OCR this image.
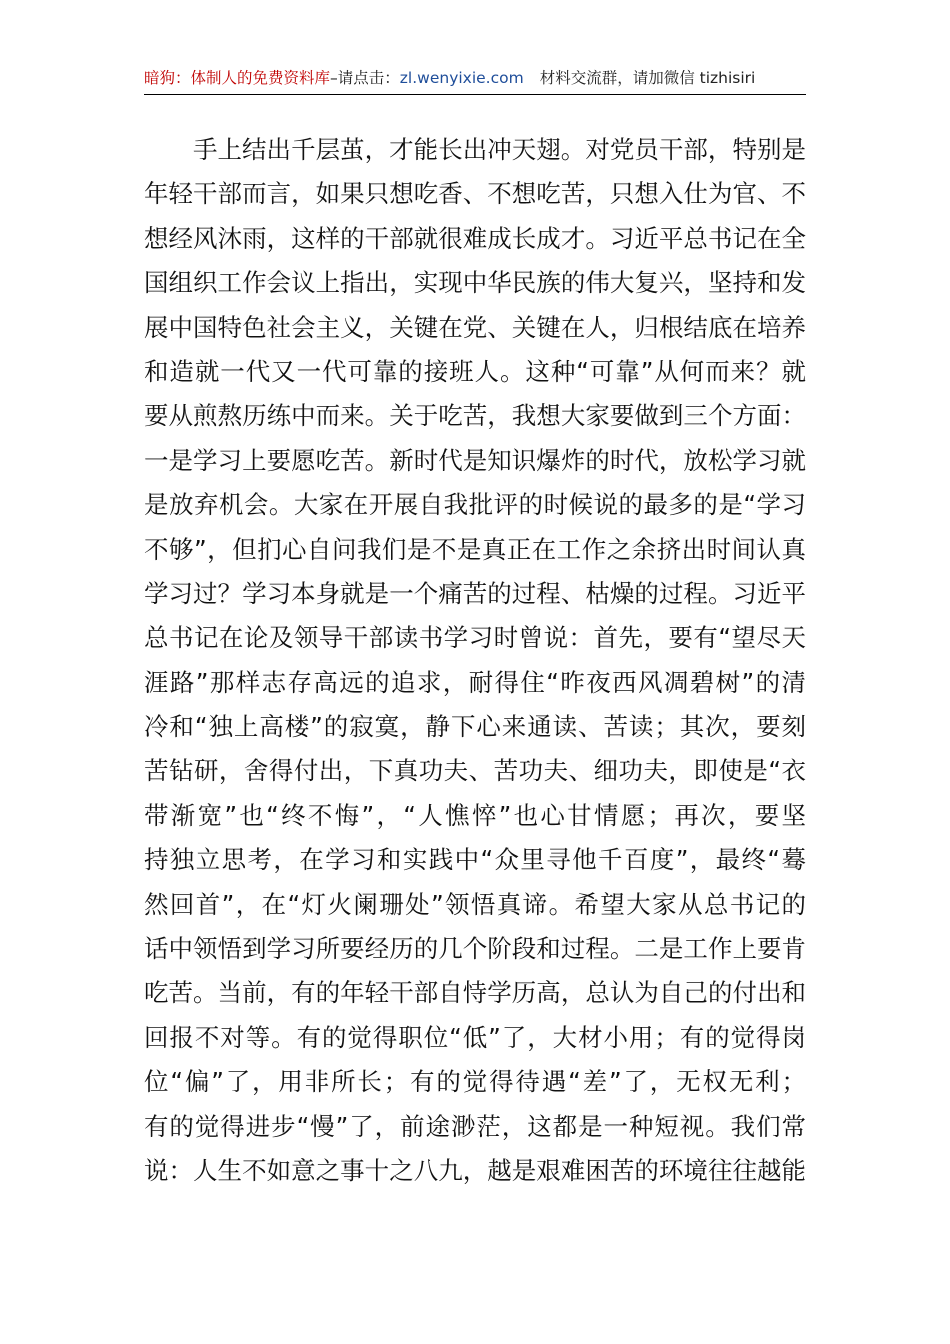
暗狗：体制人的免费资料库 –请点击： zl.wenyixie.com 材料交流群，请加微信 tizhisiri
手上结出千层茧，才能长出冲天翅。对党员干部，特别是
年轻干部而言，如果只想吃香、不想吃苦，只想入仕为官、不
想经风沐雨，这样的干部就很难成长成才。习近平总书记在全
国组织工作会议上指出，实现中华民族的伟大复兴，坚持和发
展中国特色社会主义，关键在党、关键在人，归根结底在培养
和造就一代又一代可靠的接班人。这种“可靠”从何而来？就
要从煎熬历练中而来。关于吃苦，我想大家要做到三个方面：
一是学习上要愿吃苦。新时代是知识爆炸的时代，放松学习就
是放弃机会。大家在开展自我批评的时候说的最多的是“学习
不够”，但扪心自问我们是不是真正在工作之余挤出时间认真
学习过？学习本身就是一个痛苦的过程、枯燥的过程。习近平
总书记在论及领导干部读书学习时曾说：首先，要有“望尽天
涯路”那样志存高远的追求，耐得住“昨夜西风凋碧树”的清
冷和“独上高楼”的寂寞，静下心来通读、苦读；其次，要刻
苦钻研，舍得付出，下真功夫、苦功夫、细功夫，即使是“衣
带渐宽”也“终不悔”，“人憔悴”也心甘情愿；再次，要坚
持独立思考，在学习和实践中“众里寻他千百度”，最终“蓦
然回首”，在“灯火阑珊处”领悟真谛。希望大家从总书记的
话中领悟到学习所要经历的几个阶段和过程。二是工作上要肯
吃苦。当前，有的年轻干部自恃学历高，总认为自己的付出和
回报不对等。有的觉得职位“低”了，大材小用；有的觉得岗
位“偏”了，用非所长；有的觉得待遇“差”了，无权无利；
有的觉得进步“慢”了，前途渺茫，这都是一种短视。我们常
说：人生不如意之事十之八九，越是艰难困苦的环境往往越能
